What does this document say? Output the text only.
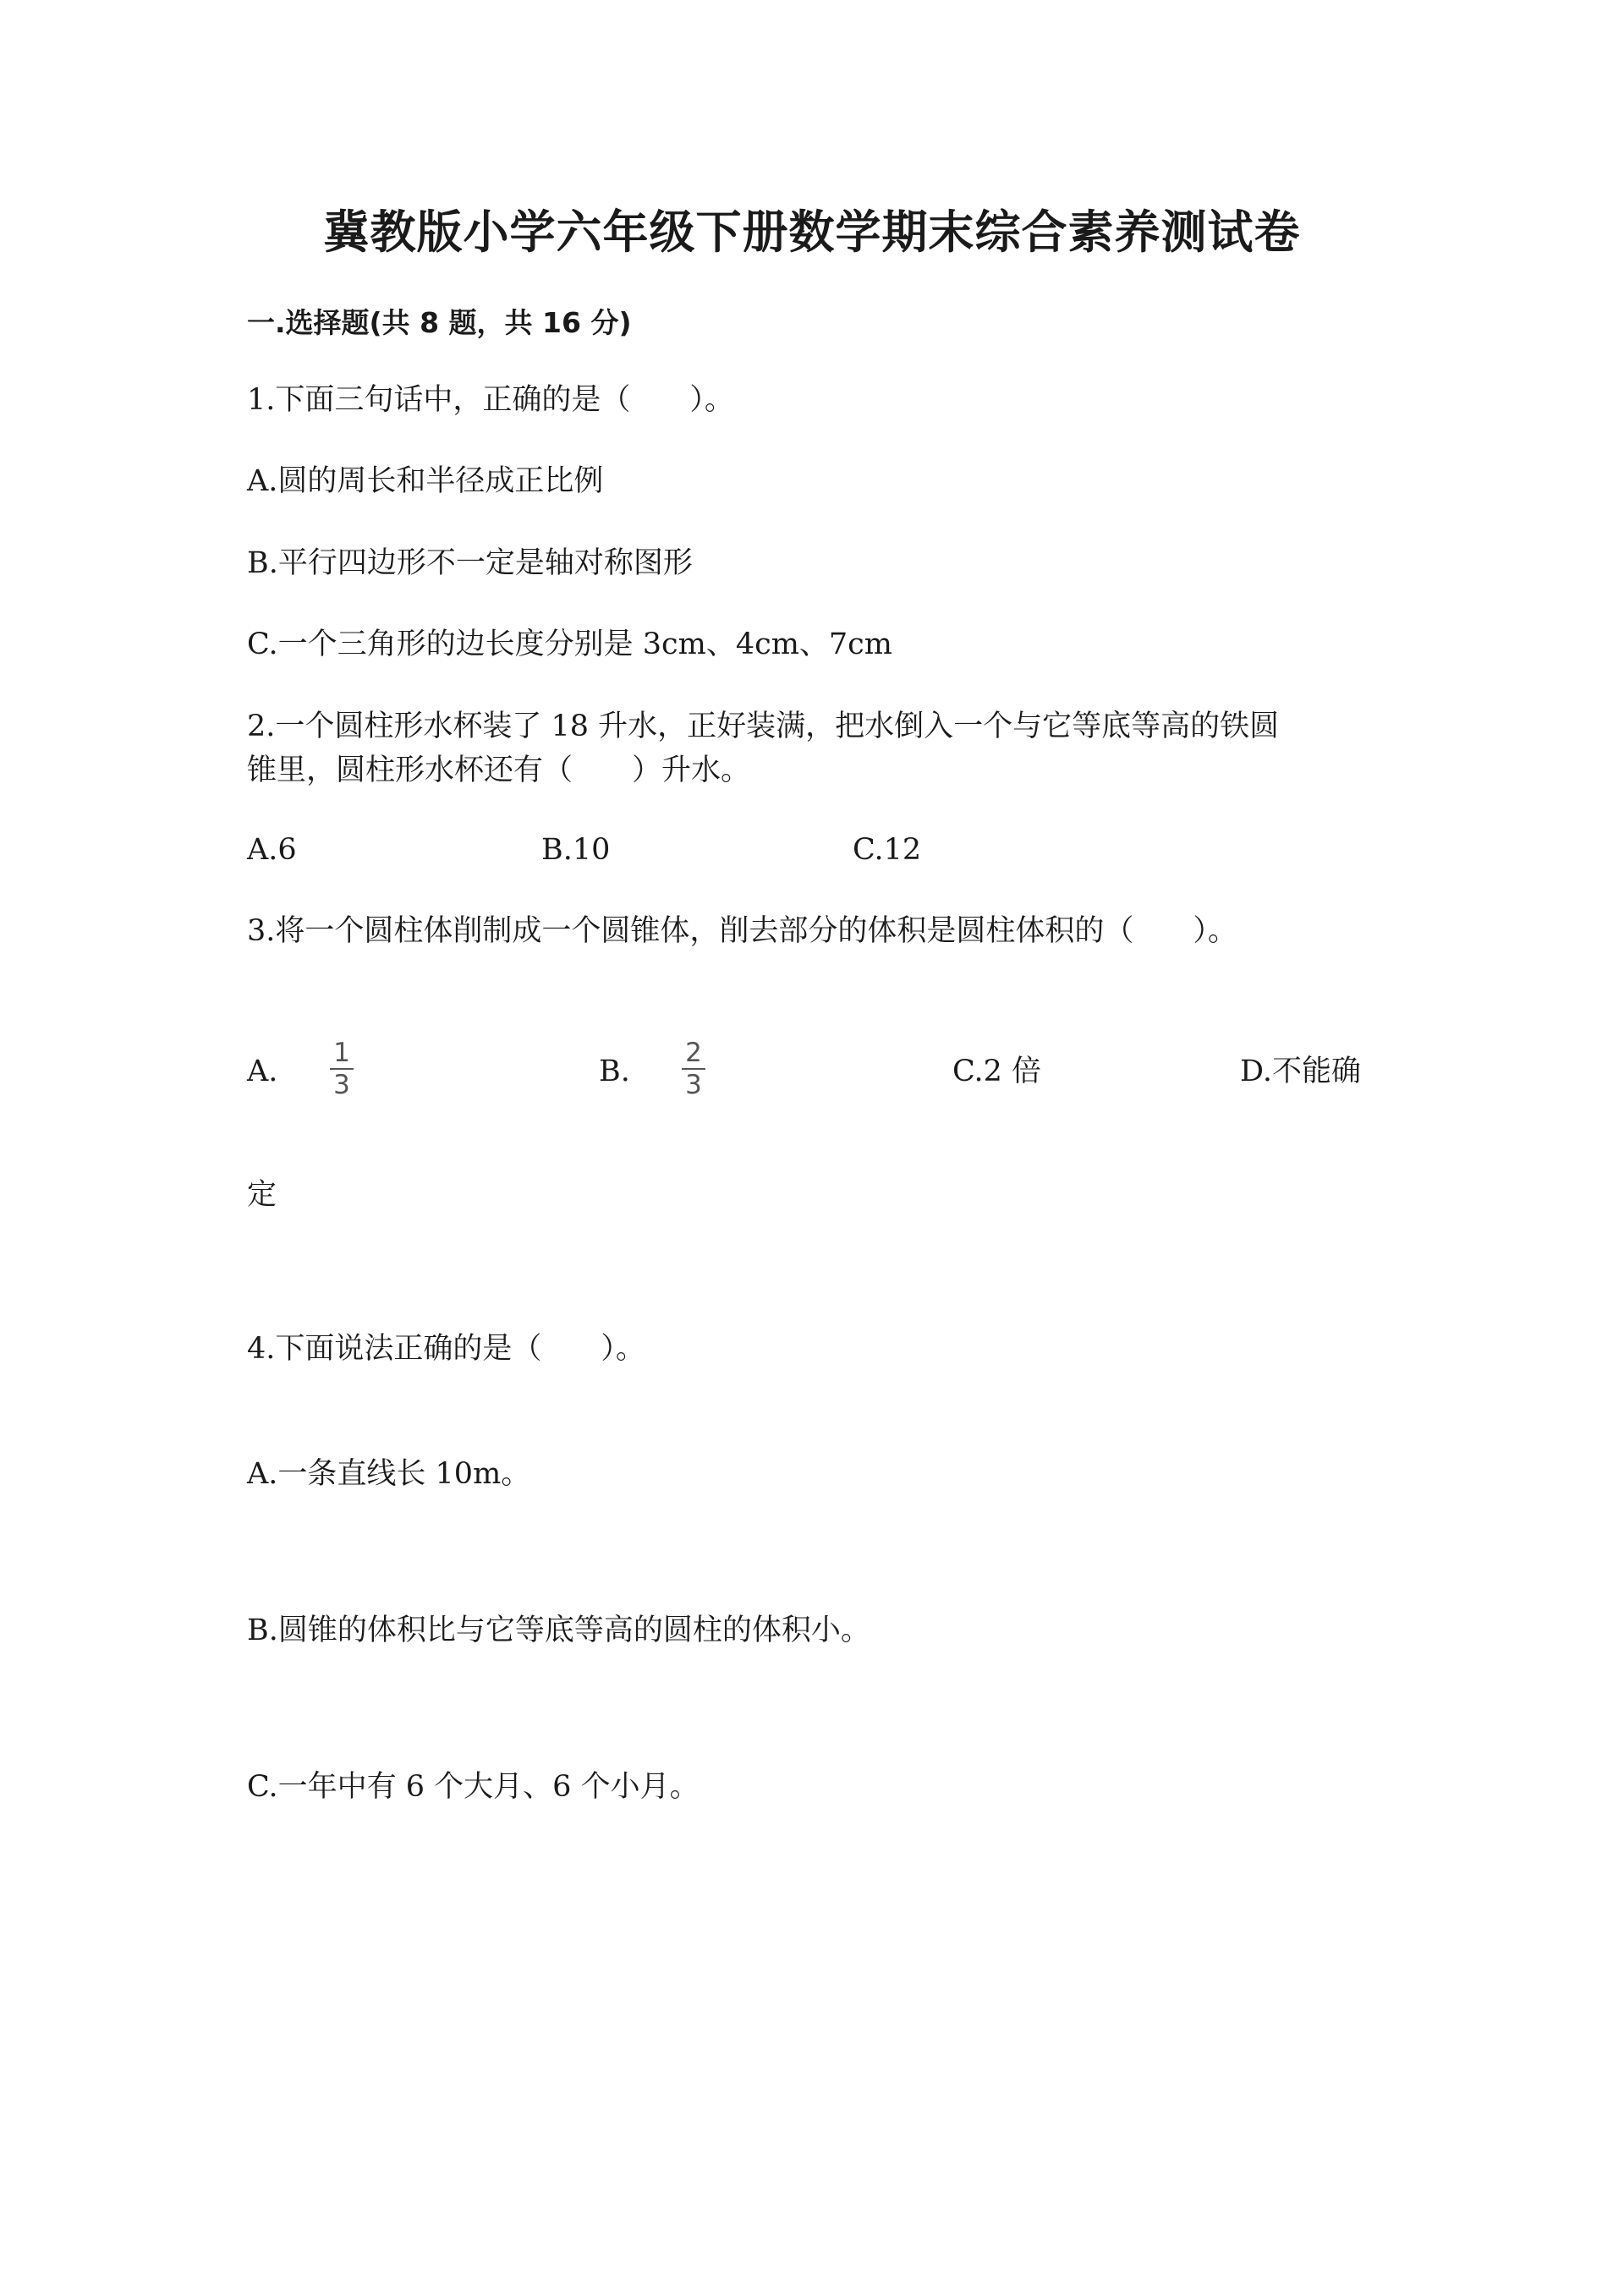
冀教版小学六年级下册数学期末综合素养测试卷
一.选择题(共 8 题，共 16 分)
1.下面三句话中，正确的是（　　）。
A.圆的周长和半径成正比例
B.平行四边形不一定是轴对称图形
C.一个三角形的边长度分别是 3cm、4cm、7cm
2.一个圆柱形水杯装了 18 升水，正好装满，把水倒入一个与它等底等高的铁圆
锥里，圆柱形水杯还有（　　）升水。
A.6	B.10	C.12
3.将一个圆柱体削制成一个圆锥体，削去部分的体积是圆柱体积的（　　）。
A.
1
3	B.
2
3	C.2 倍	D.不能确
定
4.下面说法正确的是（　　）。
A.一条直线长 10m。
B.圆锥的体积比与它等底等高的圆柱的体积小。
C.一年中有 6 个大月、6 个小月。
